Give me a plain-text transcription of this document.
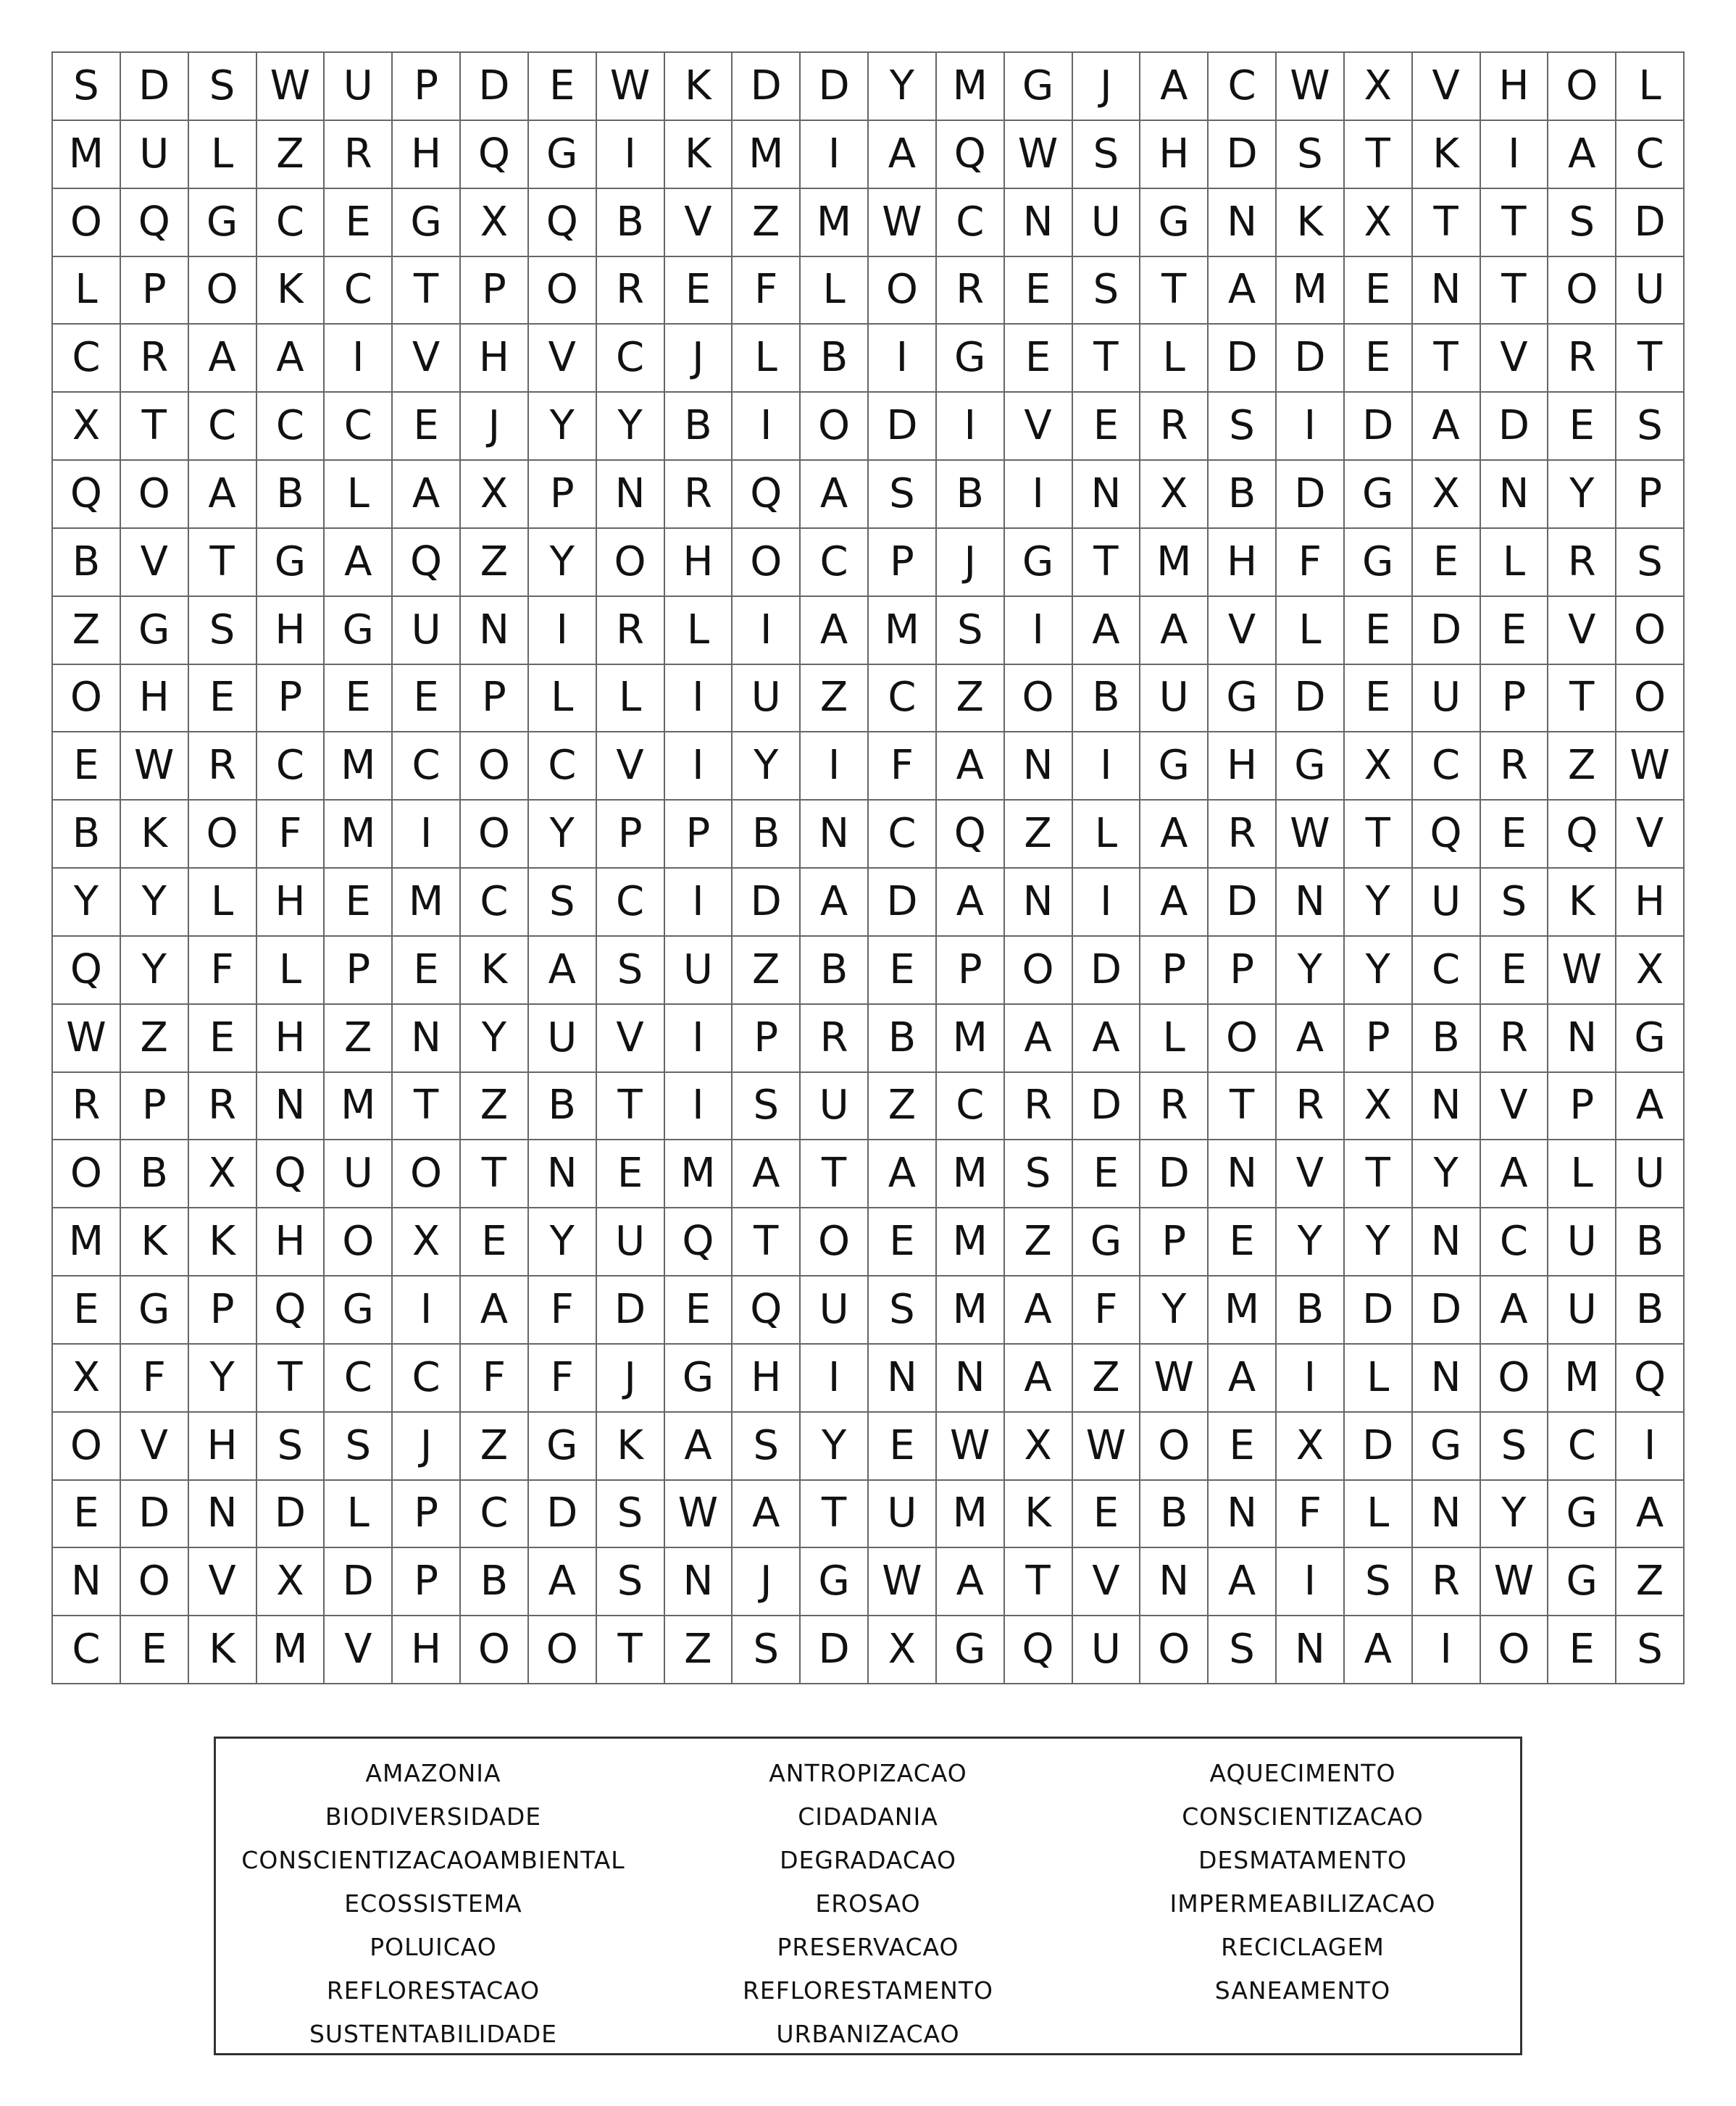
S D S W U	P D E W K D D Y M G	J	A C W X V H O	L
M U	L	Z R H Q G	I	K M	I	A Q W S H D S	T	K	I	A C
O Q G C	E G X Q B V Z M W C N U G N K	X	T	T	S D
L	P O K C	T	P O R	E	F	L	O R	E	S	T	A M E N T O U
C R A A	I	V H V C	J	L	B	I	G E	T	L	D D E	T	V R	T
X	T	C C C	E	J	Y	Y	B	I	O D	I	V	E	R	S	I	D A D E	S
Q O A B	L	A X	P	N R Q A	S	B	I	N X B D G X N Y	P
B V	T G A Q Z	Y O H O C	P	J	G T M H	F	G E	L	R	S
Z G S H G U N	I	R	L	I	A M S	I	A A V	L	E D E	V O
O H E	P	E	E	P	L	L	I	U Z C Z O B U G D E U	P	T O
E W R C M C O C V	I	Y	I	F	A N	I	G H G X C R Z W
B	K O F M	I	O Y	P	P	B N C Q Z	L	A R W T Q E Q V
Y	Y	L	H E M C	S	C	I	D A D A N	I	A D N Y	U S	K H
Q Y	F	L	P	E	K	A	S U Z B	E	P O D P	P	Y	Y	C	E W X
W Z	E H Z N Y	U V	I	P	R B M A A	L	O A	P	B R N G
R	P	R N M T	Z B	T	I	S U Z C R D R	T	R X N V	P	A
O B X Q U O T N E M A	T	A M S	E D N V	T	Y	A	L	U
M K	K H O X	E	Y	U Q T O E M Z G P	E	Y	Y N C U B
E G P Q G	I	A	F	D E Q U S M A	F	Y M B D D A U B
X	F	Y	T	C C	F	F	J	G H	I	N N A Z W A	I	L	N O M Q
O V H S	S	J	Z G K	A	S	Y	E W X W O E	X D G S	C	I
E D N D	L	P	C D S W A	T	U M K	E	B N	F	L	N Y G A
N O V X D P	B A	S N	J	G W A	T	V N A	I	S	R W G Z
C	E	K M V H O O T	Z	S D X G Q U O S N A	I	O E	S
AMAZONIA
BIODIVERSIDADE
CONSCIENTIZACAOAMBIENTAL
ECOSSISTEMA
POLUICAO
REFLORESTACAO
SUSTENTABILIDADE
ANTROPIZACAO
CIDADANIA
DEGRADACAO
EROSAO
PRESERVACAO
REFLORESTAMENTO
URBANIZACAO
AQUECIMENTO
CONSCIENTIZACAO
DESMATAMENTO
IMPERMEABILIZACAO
RECICLAGEM
SANEAMENTO
